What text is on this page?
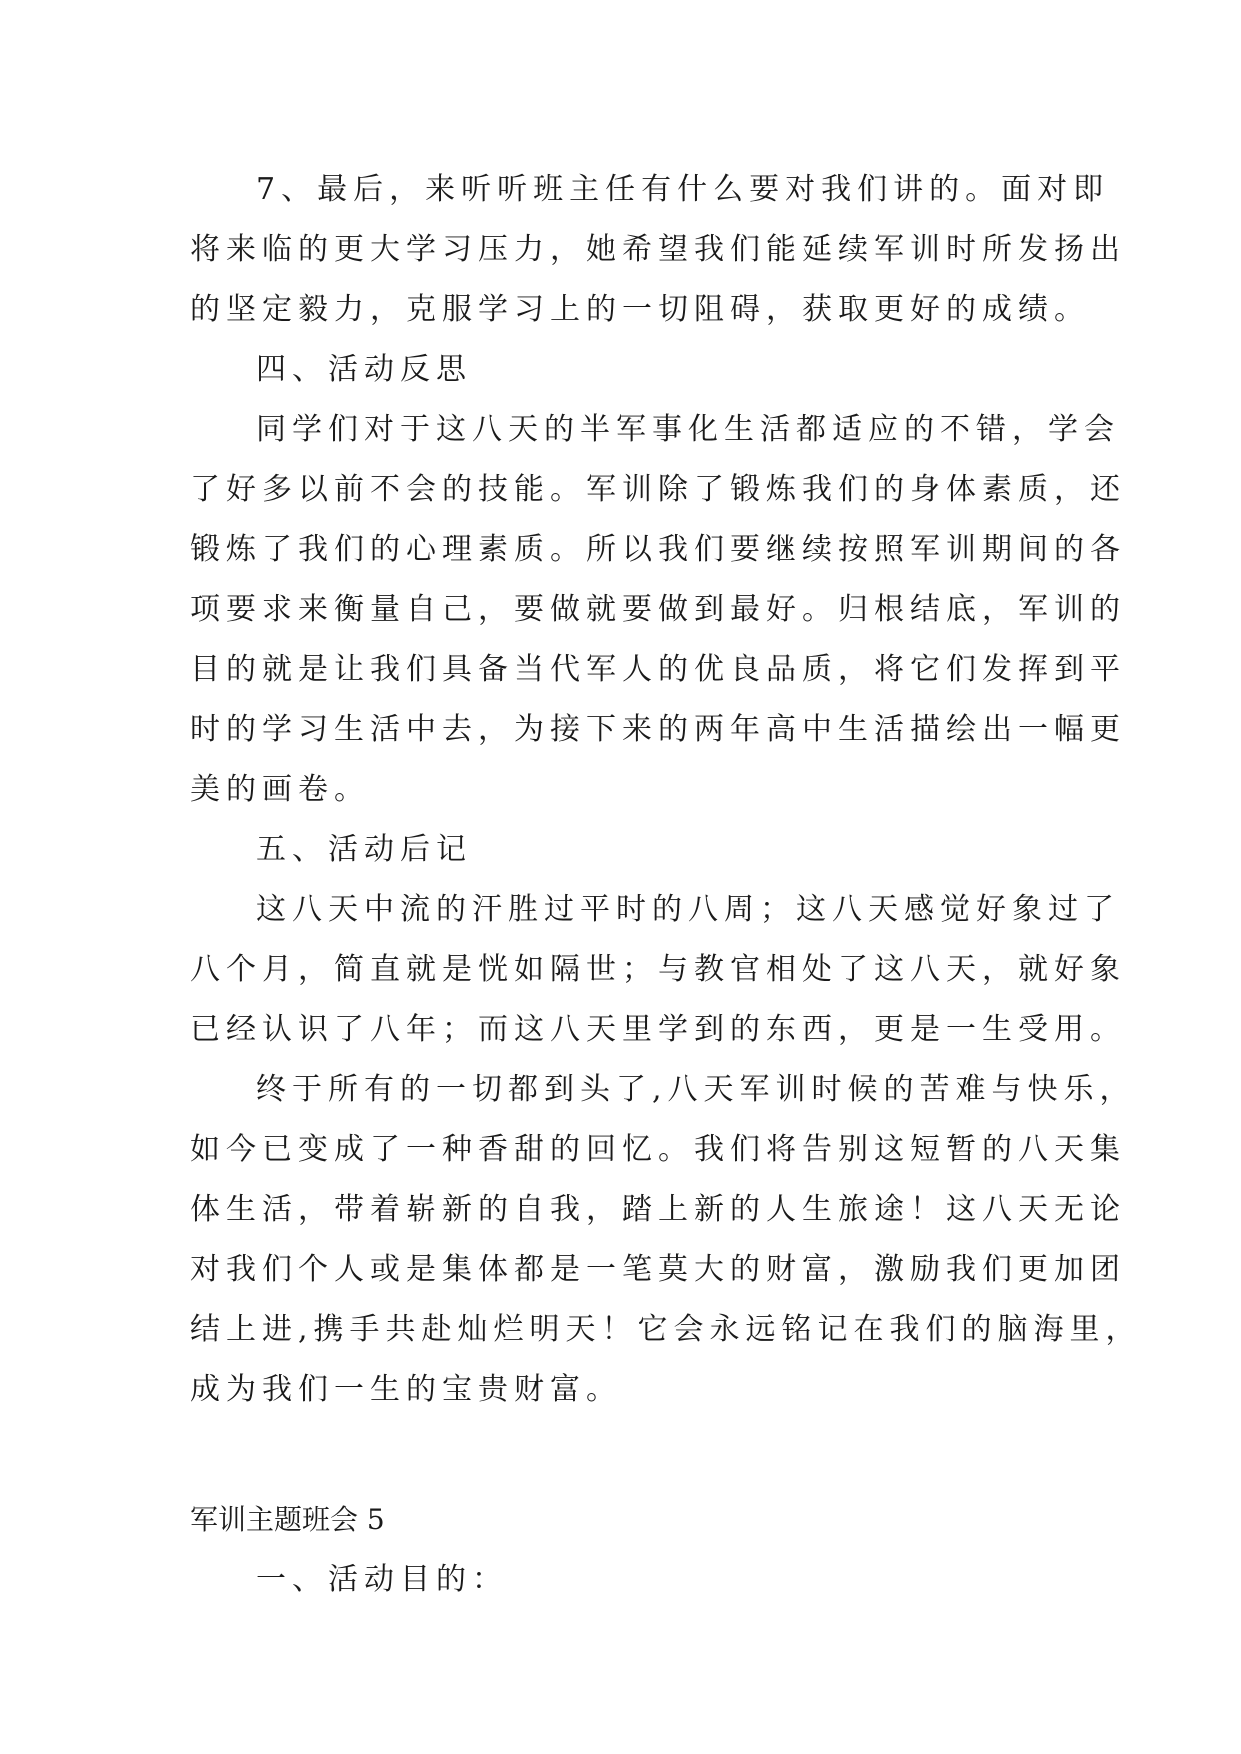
7、最后，来听听班主任有什么要对我们讲的。面对即
将来临的更大学习压力，她希望我们能延续军训时所发扬出
的坚定毅力，克服学习上的一切阻碍，获取更好的成绩。
四、活动反思
同学们对于这八天的半军事化生活都适应的不错，学会
了好多以前不会的技能。军训除了锻炼我们的身体素质，还
锻炼了我们的心理素质。所以我们要继续按照军训期间的各
项要求来衡量自己，要做就要做到最好。归根结底，军训的
目的就是让我们具备当代军人的优良品质，将它们发挥到平
时的学习生活中去，为接下来的两年高中生活描绘出一幅更
美的画卷。
五、活动后记
这八天中流的汗胜过平时的八周；这八天感觉好象过了
八个月，简直就是恍如隔世；与教官相处了这八天，就好象
已经认识了八年；而这八天里学到的东西，更是一生受用。
终于所有的一切都到头了,八天军训时候的苦难与快乐，
如今已变成了一种香甜的回忆。我们将告别这短暂的八天集
体生活，带着崭新的自我，踏上新的人生旅途！这八天无论
对我们个人或是集体都是一笔莫大的财富，激励我们更加团
结上进,携手共赴灿烂明天！它会永远铭记在我们的脑海里，
成为我们一生的宝贵财富。
军训主题班会 5
一、活动目的：
